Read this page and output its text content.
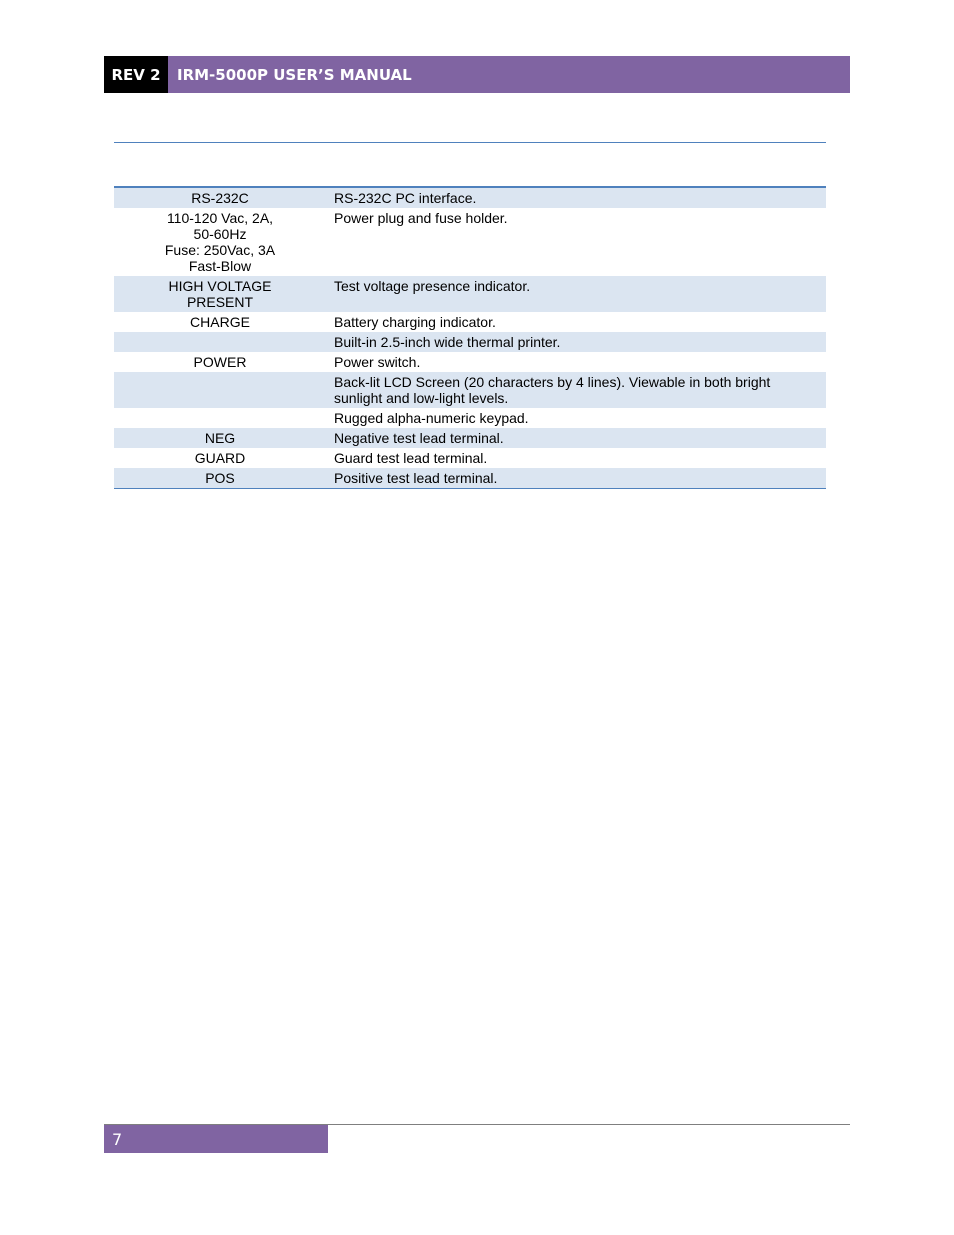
REV 2	IRM-5000P USER’S MANUAL
RS-232C	RS-232C PC interface.

110-120 Vac, 2A,
50-60Hz
Fuse: 250Vac, 3A
Fast-Blow	Power plug and fuse holder.

HIGH VOLTAGE
PRESENT	Test voltage presence indicator.

CHARGE	Battery charging indicator.
	Built-in 2.5-inch wide thermal printer.

POWER	Power switch.
	Back-lit LCD Screen (20 characters by 4 lines). Viewable in both bright sunlight and low-light levels.
	Rugged alpha-numeric keypad.

NEG	Negative test lead terminal.

GUARD	Guard test lead terminal.

POS	Positive test lead terminal.
7
